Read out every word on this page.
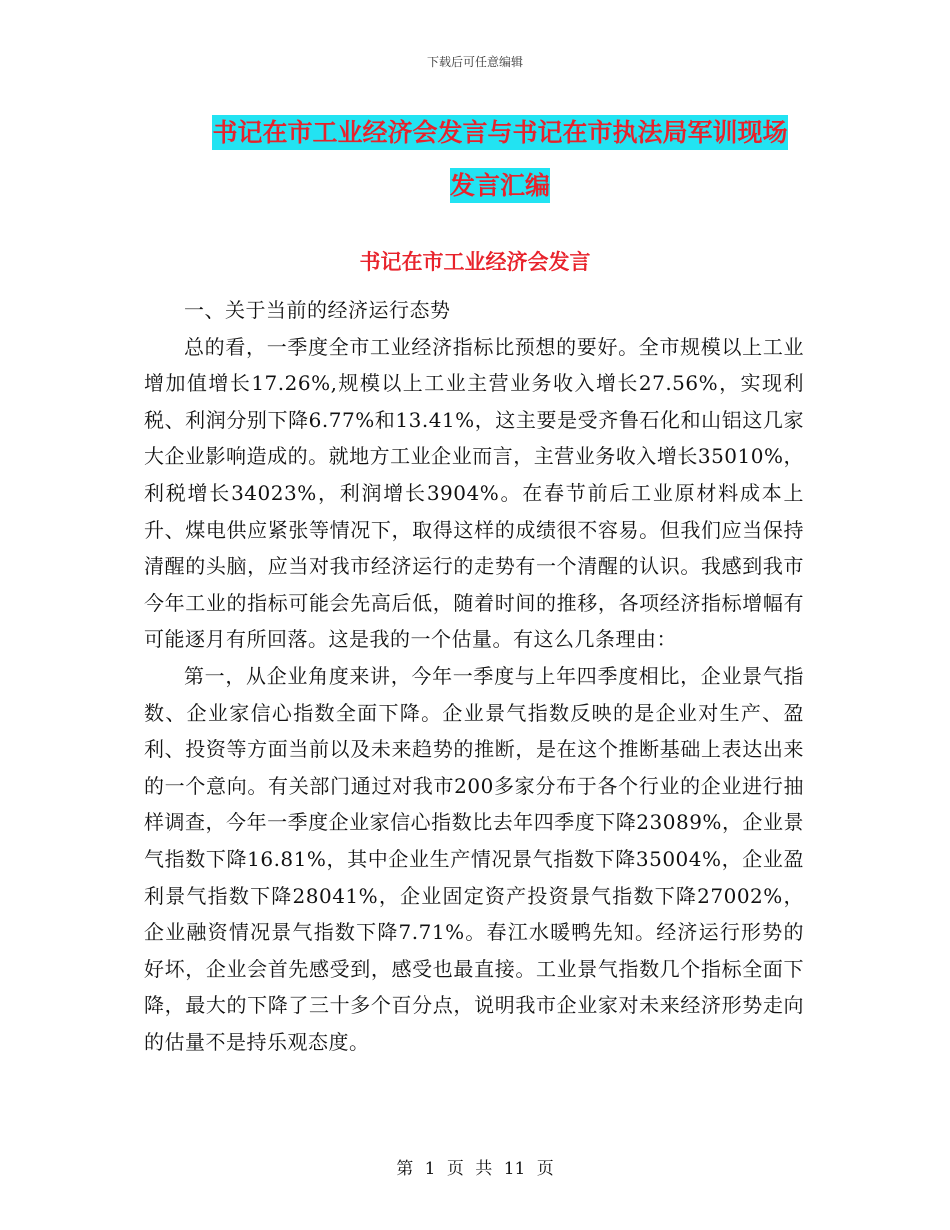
下载后可任意编辑
书记在市工业经济会发言与书记在市执法局军训现场
发言汇编
书记在市工业经济会发言

一、关于当前的经济运行态势

总的看，一季度全市工业经济指标比预想的要好。全市规模以上工业增加值增长17.26%,规模以上工业主营业务收入增长27.56%，实现利税、利润分别下降6.77%和13.41%，这主要是受齐鲁石化和山铝这几家大企业影响造成的。就地方工业企业而言，主营业务收入增长35010%，利税增长34023%，利润增长3904%。在春节前后工业原材料成本上升、煤电供应紧张等情况下，取得这样的成绩很不容易。但我们应当保持清醒的头脑，应当对我市经济运行的走势有一个清醒的认识。我感到我市今年工业的指标可能会先高后低，随着时间的推移，各项经济指标增幅有可能逐月有所回落。这是我的一个估量。有这么几条理由：

第一，从企业角度来讲，今年一季度与上年四季度相比，企业景气指数、企业家信心指数全面下降。企业景气指数反映的是企业对生产、盈利、投资等方面当前以及未来趋势的推断，是在这个推断基础上表达出来的一个意向。有关部门通过对我市200多家分布于各个行业的企业进行抽样调查，今年一季度企业家信心指数比去年四季度下降23089%，企业景气指数下降16.81%，其中企业生产情况景气指数下降35004%，企业盈利景气指数下降28041%，企业固定资产投资景气指数下降27002%，企业融资情况景气指数下降7.71%。春江水暖鸭先知。经济运行形势的好坏，企业会首先感受到，感受也最直接。工业景气指数几个指标全面下降，最大的下降了三十多个百分点，说明我市企业家对未来经济形势走向的估量不是持乐观态度。

第 1 页 共 11 页
